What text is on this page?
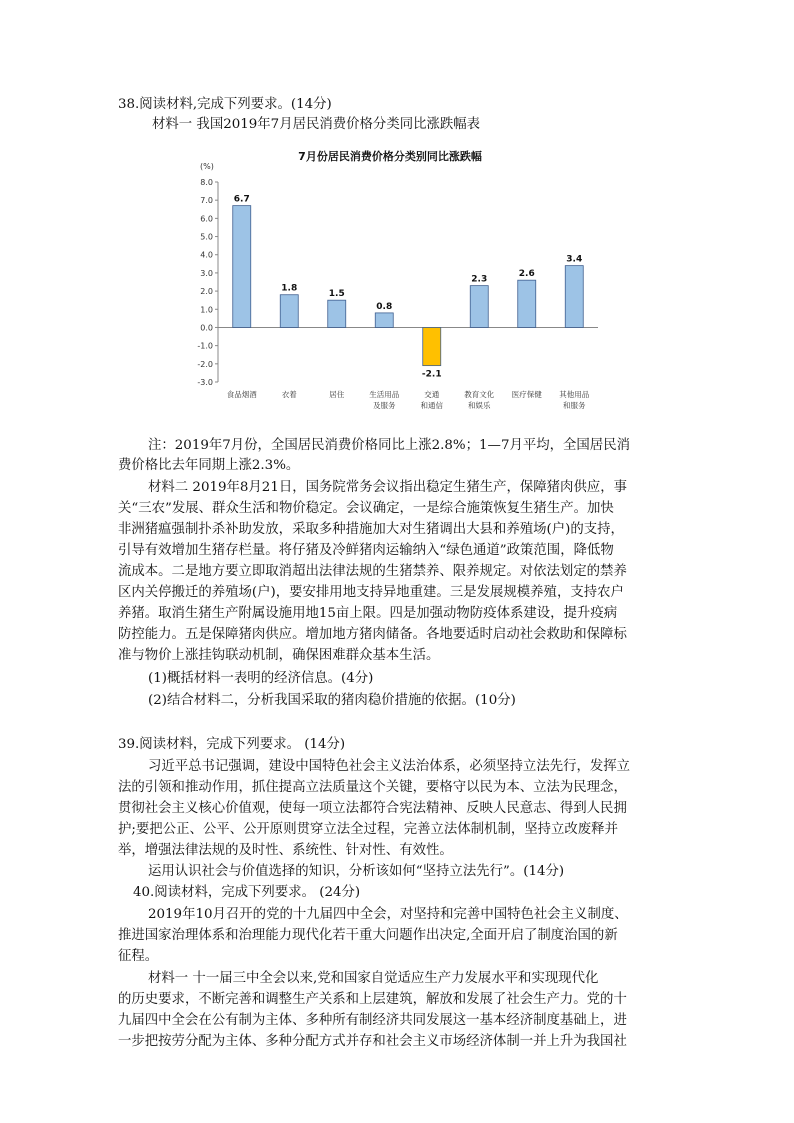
38.阅读材料,完成下列要求。(14分)
材料一 我国2019年7月居民消费价格分类同比涨跌幅表
7月份居民消费价格分类别同比涨跌幅
(%)
8.0
7.0
6.0
5.0
4.0
3.0
2.0
1.0
0.0
-1.0
-2.0
-3.0
6.7
食品烟酒
1.8
衣着
1.5
居住
0.8
生活用品
及服务
-2.1
交通
和通信
2.3
教育文化
和娱乐
2.6
医疗保健
3.4
其他用品
和服务
注：2019年7月份，全国居民消费价格同比上涨2.8%；1—7月平均，全国居民消
费价格比去年同期上涨2.3%。
材料二 2019年8月21日，国务院常务会议指出稳定生猪生产，保障猪肉供应，事
关“三农”发展、群众生活和物价稳定。会议确定，一是综合施策恢复生猪生产。加快
非洲猪瘟强制扑杀补助发放，采取多种措施加大对生猪调出大县和养殖场(户)的支持，
引导有效增加生猪存栏量。将仔猪及冷鲜猪肉运输纳入“绿色通道”政策范围，降低物
流成本。二是地方要立即取消超出法律法规的生猪禁养、限养规定。对依法划定的禁养
区内关停搬迁的养殖场(户)，要安排用地支持异地重建。三是发展规模养殖，支持农户
养猪。取消生猪生产附属设施用地15亩上限。四是加强动物防疫体系建设，提升疫病
防控能力。五是保障猪肉供应。增加地方猪肉储备。各地要适时启动社会救助和保障标
准与物价上涨挂钩联动机制，确保困难群众基本生活。
(1)概括材料一表明的经济信息。(4分)
(2)结合材料二，分析我国采取的猪肉稳价措施的依据。(10分)
39.阅读材料，完成下列要求。 (14分)
习近平总书记强调，建设中国特色社会主义法治体系，必须坚持立法先行，发挥立
法的引领和推动作用，抓住提高立法质量这个关键，要格守以民为本、立法为民理念，
贯彻社会主义核心价值观，使每一项立法都符合宪法精神、反映人民意志、得到人民拥
护;要把公正、公平、公开原则贯穿立法全过程，完善立法体制机制，坚持立改废释并
举，增强法律法规的及时性、系统性、针对性、有效性。
运用认识社会与价值选择的知识，分析该如何“坚持立法先行”。(14分)
40.阅读材料，完成下列要求。 (24分)
2019年10月召开的党的十九届四中全会，对坚持和完善中国特色社会主义制度、
推进国家治理体系和治理能力现代化若干重大问题作出决定,全面开启了制度治国的新
征程。
材料一 十一届三中全会以来,党和国家自觉适应生产力发展水平和实现现代化
的历史要求，不断完善和调整生产关系和上层建筑，解放和发展了社会生产力。党的十
九届四中全会在公有制为主体、多种所有制经济共同发展这一基本经济制度基础上，进
一步把按劳分配为主体、多种分配方式并存和社会主义市场经济体制一并上升为我国社
